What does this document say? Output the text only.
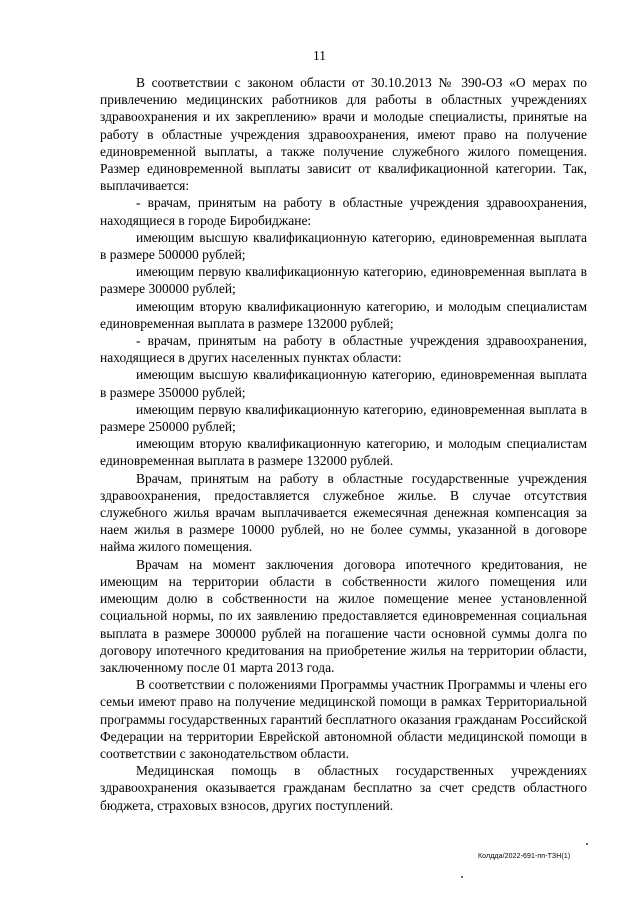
11

В соответствии с законом области от 30.10.2013 № 390-ОЗ «О мерах по привлечению медицинских работников для работы в областных учреждениях здравоохранения и их закреплению» врачи и молодые специалисты, принятые на работу в областные учреждения здравоохранения, имеют право на получение единовременной выплаты, а также получение служебного жилого помещения. Размер единовременной выплаты зависит от квалификационной категории. Так, выплачивается:

- врачам, принятым на работу в областные учреждения здравоохранения, находящиеся в городе Биробиджане:

имеющим высшую квалификационную категорию, единовременная выплата в размере 500000 рублей;

имеющим первую квалификационную категорию, единовременная выплата в размере 300000 рублей;

имеющим вторую квалификационную категорию, и молодым специалистам единовременная выплата в размере 132000 рублей;

- врачам, принятым на работу в областные учреждения здравоохранения, находящиеся в других населенных пунктах области:

имеющим высшую квалификационную категорию, единовременная выплата в размере 350000 рублей;

имеющим первую квалификационную категорию, единовременная выплата в размере 250000 рублей;

имеющим вторую квалификационную категорию, и молодым специалистам единовременная выплата в размере 132000 рублей.

Врачам, принятым на работу в областные государственные учреждения здравоохранения, предоставляется служебное жилье. В случае отсутствия служебного жилья врачам выплачивается ежемесячная денежная компенсация за наем жилья в размере 10000 рублей, но не более суммы, указанной в договоре найма жилого помещения.

Врачам на момент заключения договора ипотечного кредитования, не имеющим на территории области в собственности жилого помещения или имеющим долю в собственности на жилое помещение менее установленной социальной нормы, по их заявлению предоставляется единовременная социальная выплата в размере 300000 рублей на погашение части основной суммы долга по договору ипотечного кредитования на приобретение жилья на территории области, заключенному после 01 марта 2013 года.

В соответствии с положениями Программы участник Программы и члены его семьи имеют право на получение медицинской помощи в рамках Территориальной программы государственных гарантий бесплатного оказания гражданам Российской Федерации на территории Еврейской автономной области медицинской помощи в соответствии с законодательством области.

Медицинская помощь в областных государственных учреждениях здравоохранения оказывается гражданам бесплатно за счет средств областного бюджета, страховых взносов, других поступлений.

Колдда/2022-691-пп-ТЗН(1)
